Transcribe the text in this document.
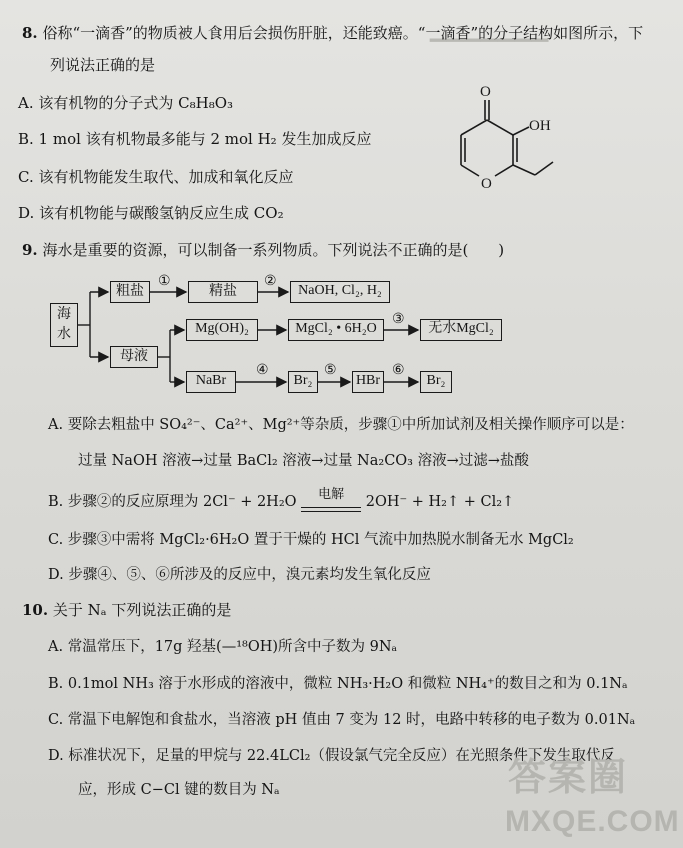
▔▔▔▔▔▔▔
8. 俗称“一滴香”的物质被人食用后会损伤肝脏，还能致癌。“一滴香”的分子结构如图所示，下
列说法正确的是
A. 该有机物的分子式为 C₈H₈O₃
B. 1 mol 该有机物最多能与 2 mol H₂ 发生加成反应
C. 该有机物能发生取代、加成和氧化反应
D. 该有机物能与碳酸氢钠反应生成 CO₂
O
OH
O
9. 海水是重要的资源，可以制备一系列物质。下列说法不正确的是(　　)
海
水
粗盐
①
精盐
②
NaOH, Cl₂, H₂
母液
Mg(OH)₂	MgCl₂ • 6H₂O
③
无水MgCl₂
NaBr
④
Br₂
⑤
HBr
⑥
Br₂
A. 要除去粗盐中 SO₄²⁻、Ca²⁺、Mg²⁺等杂质，步骤①中所加试剂及相关操作顺序可以是：
过量 NaOH 溶液→过量 BaCl₂ 溶液→过量 Na₂CO₃ 溶液→过滤→盐酸
B. 步骤②的反应原理为 2Cl⁻ + 2H₂O	电解	2OH⁻ + H₂↑ + Cl₂↑
C. 步骤③中需将 MgCl₂·6H₂O 置于干燥的 HCl 气流中加热脱水制备无水 MgCl₂
D. 步骤④、⑤、⑥所涉及的反应中，溴元素均发生氧化反应
10. 关于 Nₐ 下列说法正确的是
A. 常温常压下，17g 羟基(—¹⁸OH)所含中子数为 9Nₐ
B. 0.1mol NH₃ 溶于水形成的溶液中，微粒 NH₃·H₂O 和微粒 NH₄⁺的数目之和为 0.1Nₐ
C. 常温下电解饱和食盐水，当溶液 pH 值由 7 变为 12 时，电路中转移的电子数为 0.01Nₐ
D. 标准状况下，足量的甲烷与 22.4LCl₂（假设氯气完全反应）在光照条件下发生取代反
应，形成 C−Cl 键的数目为 Nₐ	答案圈
MXQE.COM
